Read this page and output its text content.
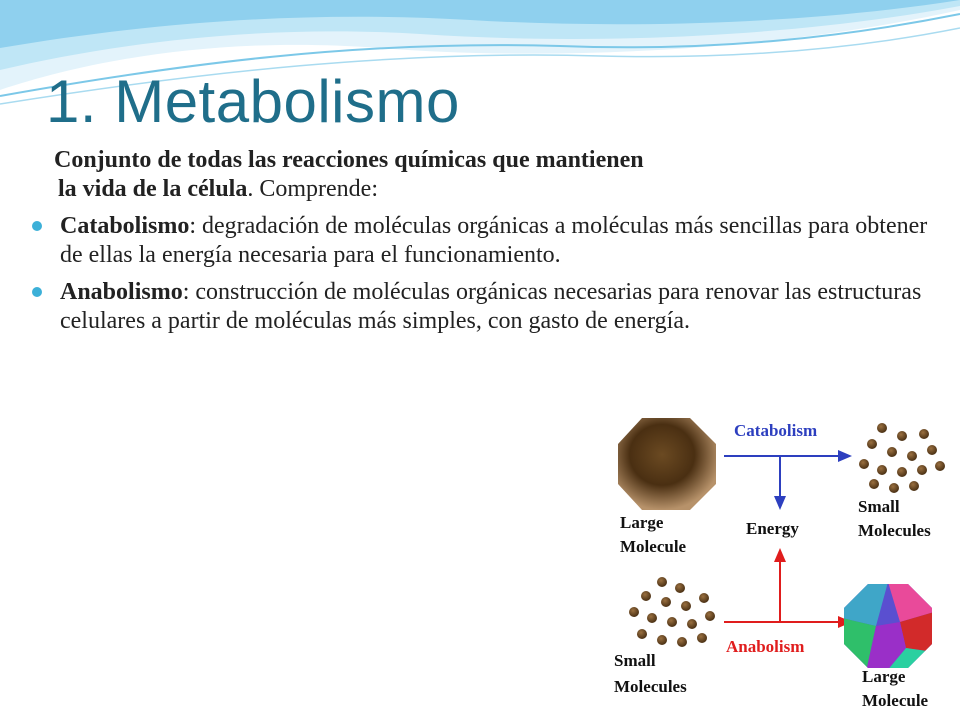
1. Metabolismo

Conjunto de todas las reacciones químicas que mantienen
la vida de la célula. Comprende:

Catabolismo: degradación de moléculas orgánicas a moléculas más sencillas para obtener de ellas la energía necesaria para el funcionamiento.
Anabolismo: construcción de moléculas orgánicas necesarias para renovar las estructuras celulares a partir de moléculas más simples, con gasto de energía.
Catabolism
Energy
Small
Molecules
Large
Molecule
Anabolism
Large
Molecule
Small
Molecules
